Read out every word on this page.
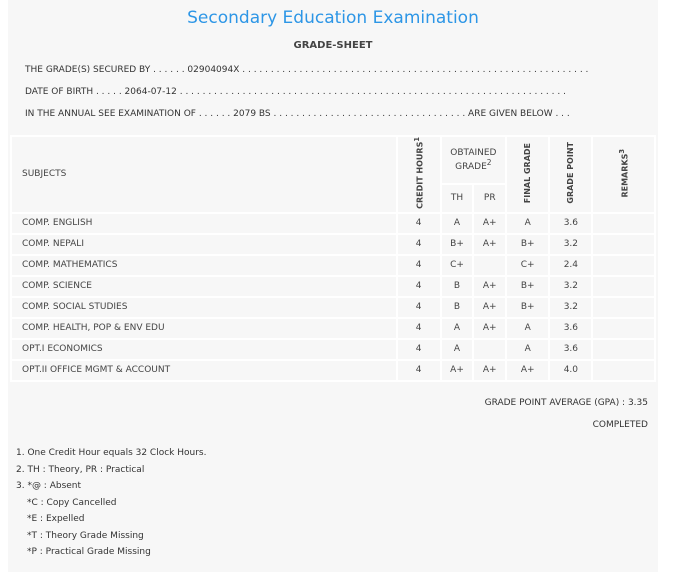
Secondary Education Examination
GRADE-SHEET
THE GRADE(S) SECURED BY . . . . . . 02904094X . . . . . . . . . . . . . . . . . . . . . . . . . . . . . . . . . . . . . . . . . . . . . . . . . . . . . . . . . . . . .
DATE OF BIRTH . . . . . 2064-07-12 . . . . . . . . . . . . . . . . . . . . . . . . . . . . . . . . . . . . . . . . . . . . . . . . . . . . . . . . . . . . . . . . . . . .
IN THE ANNUAL SEE EXAMINATION OF . . . . . . 2079 BS . . . . . . . . . . . . . . . . . . . . . . . . . . . . . . . . . . ARE GIVEN BELOW . . .
SUBJECTS	CREDIT HOURS$^1$	OBTAINED GRADE$^2$		FINAL GRADE	GRADE POINT	REMARKS$^3$
		TH	PR			
COMP. ENGLISH	4	A	A+	A	3.6	
COMP. NEPALI	4	B+	A+	B+	3.2	
COMP. MATHEMATICS	4	C+		C+	2.4	
COMP. SCIENCE	4	B	A+	B+	3.2	
COMP. SOCIAL STUDIES	4	B	A+	B+	3.2	
COMP. HEALTH, POP & ENV EDU	4	A	A+	A	3.6	
OPT.I ECONOMICS	4	A		A	3.6	
OPT.II OFFICE MGMT & ACCOUNT	4	A+	A+	A+	4.0	
GRADE POINT AVERAGE (GPA) : 3.35
COMPLETED
1. One Credit Hour equals 32 Clock Hours.
2. TH : Theory, PR : Practical
3. *@ : Absent
*C : Copy Cancelled
*E : Expelled
*T : Theory Grade Missing
*P : Practical Grade Missing
